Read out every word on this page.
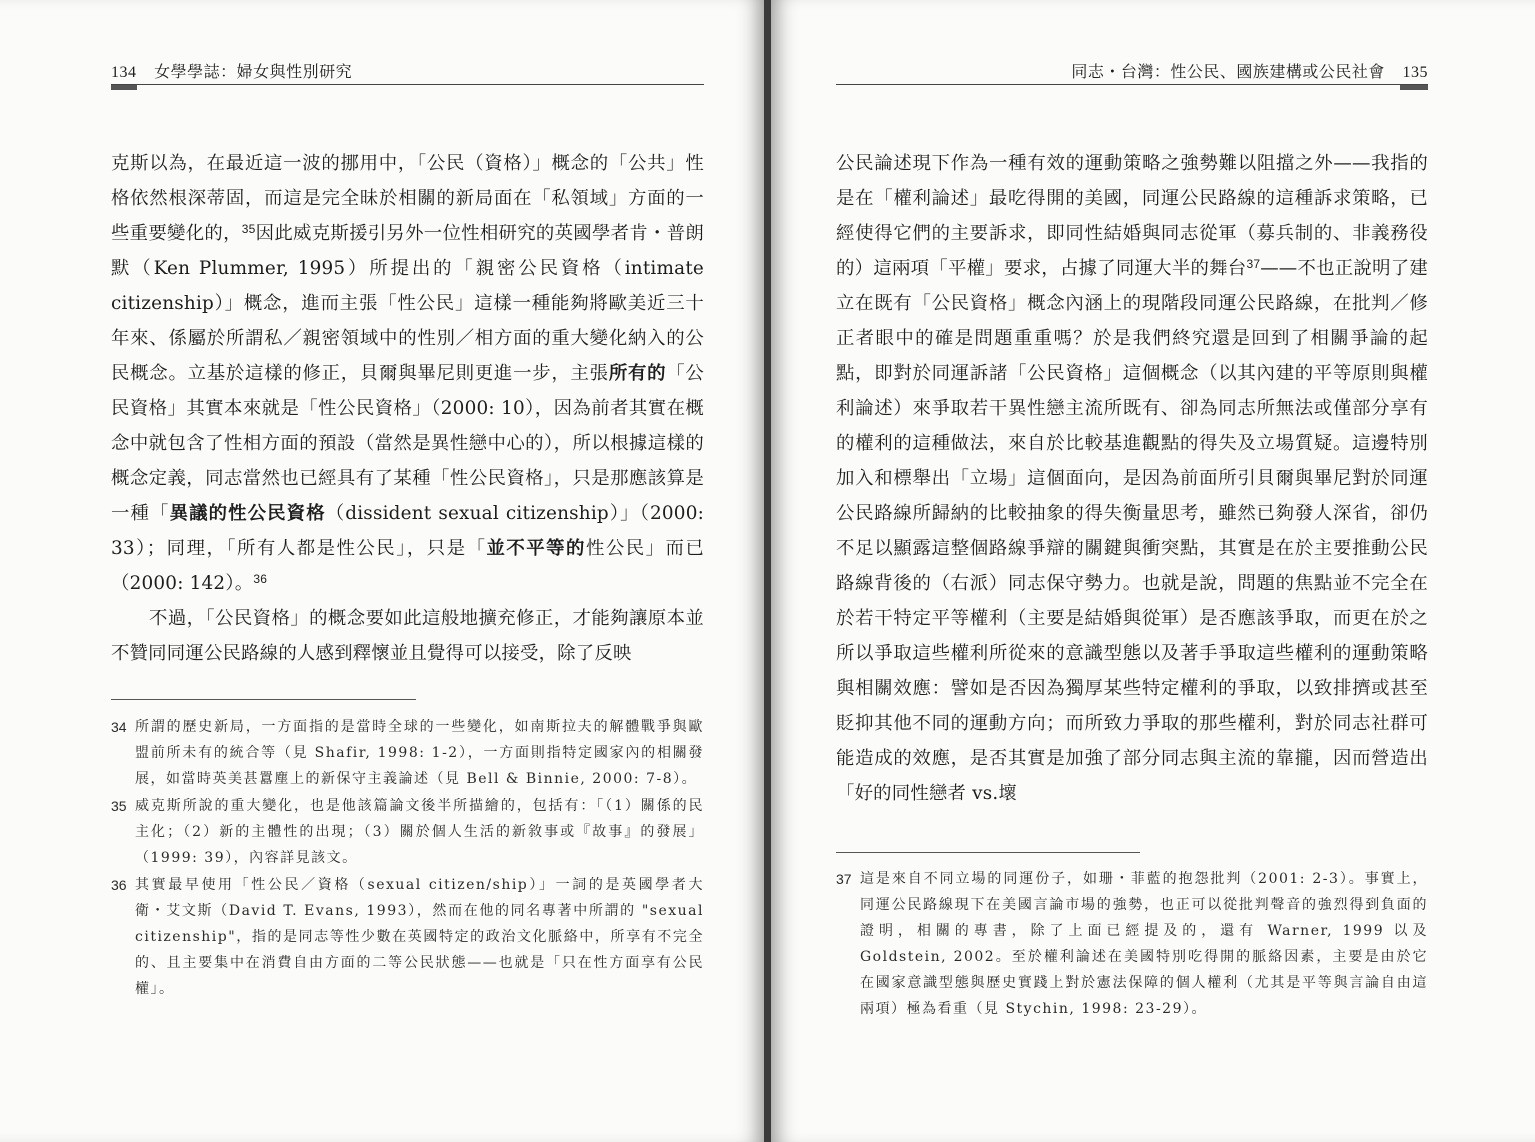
134 女學學誌：婦女與性別研究

克斯以為，在最近這一波的挪用中，「公民（資格）」概念的「公共」性格依然根深蒂固，而這是完全昧於相關的新局面在「私領域」方面的一些重要變化的，$^{35}$因此威克斯援引另外一位性相研究的英國學者肯・普朗默（Ken Plummer, 1995）所提出的「親密公民資格（intimate citizenship）」概念，進而主張「性公民」這樣一種能夠將歐美近三十年來、係屬於所謂私／親密領域中的性別／相方面的重大變化納入的公民概念。立基於這樣的修正，貝爾與畢尼則更進一步，主張所有的「公民資格」其實本來就是「性公民資格」（2000: 10），因為前者其實在概念中就包含了性相方面的預設（當然是異性戀中心的），所以根據這樣的概念定義，同志當然也已經具有了某種「性公民資格」，只是那應該算是一種「異議的性公民資格（dissident sexual citizenship）」（2000: 33）；同理，「所有人都是性公民」，只是「並不平等的性公民」而已（2000: 142）。$^{36}$

不過，「公民資格」的概念要如此這般地擴充修正，才能夠讓原本並不贊同同運公民路線的人感到釋懷並且覺得可以接受，除了反映

34 所謂的歷史新局，一方面指的是當時全球的一些變化，如南斯拉夫的解體戰爭與歐盟前所未有的統合等（見 Shafir, 1998: 1-2），一方面則指特定國家內的相關發展，如當時英美甚囂塵上的新保守主義論述（見 Bell & Binnie, 2000: 7-8）。
35 威克斯所說的重大變化，也是他該篇論文後半所描繪的，包括有：「（1）關係的民主化；（2）新的主體性的出現；（3）關於個人生活的新敘事或『故事』的發展」（1999: 39），內容詳見該文。
36 其實最早使用「性公民／資格（sexual citizen/ship）」一詞的是英國學者大衛・艾文斯（David T. Evans, 1993），然而在他的同名專著中所謂的 "sexual citizenship"，指的是同志等性少數在英國特定的政治文化脈絡中，所享有不完全的、且主要集中在消費自由方面的二等公民狀態——也就是「只在性方面享有公民權」。
同志・台灣：性公民、國族建構或公民社會 135

公民論述現下作為一種有效的運動策略之強勢難以阻擋之外——我指的是在「權利論述」最吃得開的美國，同運公民路線的這種訴求策略，已經使得它們的主要訴求，即同性結婚與同志從軍（募兵制的、非義務役的）這兩項「平權」要求，占據了同運大半的舞台$^{37}$——不也正說明了建立在既有「公民資格」概念內涵上的現階段同運公民路線，在批判／修正者眼中的確是問題重重嗎？於是我們終究還是回到了相關爭論的起點，即對於同運訴諸「公民資格」這個概念（以其內建的平等原則與權利論述）來爭取若干異性戀主流所既有、卻為同志所無法或僅部分享有的權利的這種做法，來自於比較基進觀點的得失及立場質疑。這邊特別加入和標舉出「立場」這個面向，是因為前面所引貝爾與畢尼對於同運公民路線所歸納的比較抽象的得失衡量思考，雖然已夠發人深省，卻仍不足以顯露這整個路線爭辯的關鍵與衝突點，其實是在於主要推動公民路線背後的（右派）同志保守勢力。也就是說，問題的焦點並不完全在於若干特定平等權利（主要是結婚與從軍）是否應該爭取，而更在於之所以爭取這些權利所從來的意識型態以及著手爭取這些權利的運動策略與相關效應：譬如是否因為獨厚某些特定權利的爭取，以致排擠或甚至貶抑其他不同的運動方向；而所致力爭取的那些權利，對於同志社群可能造成的效應，是否其實是加強了部分同志與主流的靠攏，因而營造出「好的同性戀者 vs.壞

37 這是來自不同立場的同運份子，如珊・菲藍的抱怨批判（2001: 2-3）。事實上，同運公民路線現下在美國言論市場的強勢，也正可以從批判聲音的強烈得到負面的證明，相關的專書，除了上面已經提及的，還有 Warner, 1999 以及 Goldstein, 2002。至於權利論述在美國特別吃得開的脈絡因素，主要是由於它在國家意識型態與歷史實踐上對於憲法保障的個人權利（尤其是平等與言論自由這兩項）極為看重（見 Stychin, 1998: 23-29）。
